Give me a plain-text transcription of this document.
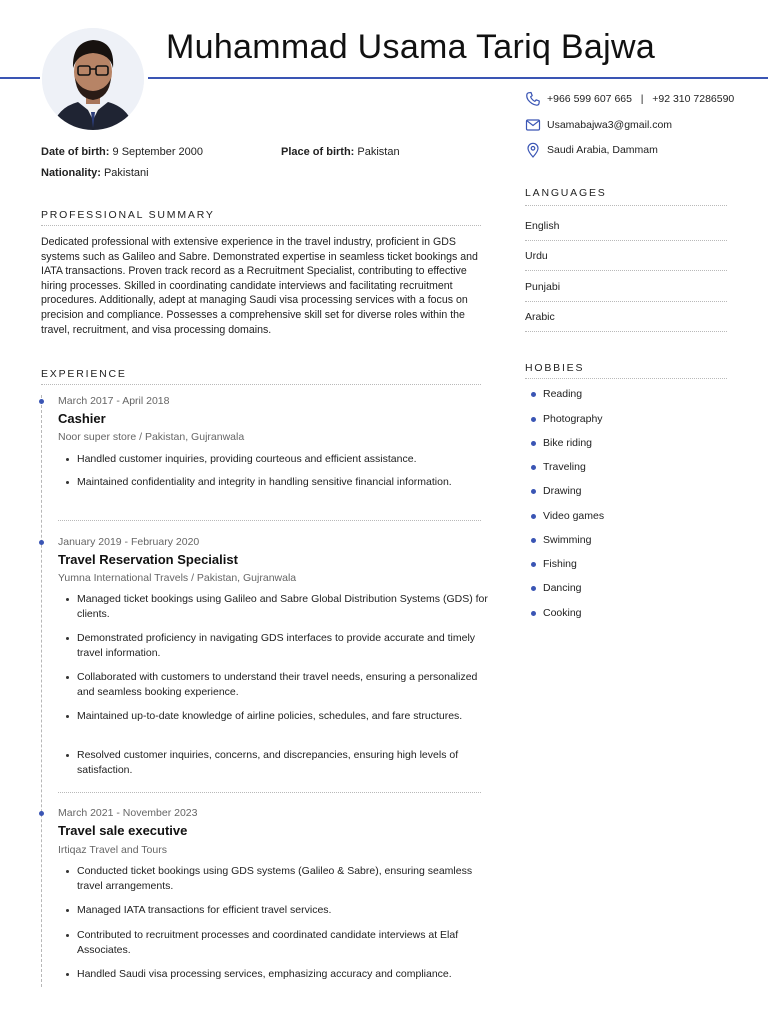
Muhammad Usama Tariq Bajwa
Date of birth: 9 September 2000	Place of birth: Pakistan
Nationality: Pakistani
PROFESSIONAL SUMMARY
Dedicated professional with extensive experience in the travel industry, proficient in GDS systems such as Galileo and Sabre. Demonstrated expertise in seamless ticket bookings and IATA transactions. Proven track record as a Recruitment Specialist, contributing to effective hiring processes. Skilled in coordinating candidate interviews and facilitating recruitment procedures. Additionally, adept at managing Saudi visa processing services with a focus on precision and compliance. Possesses a comprehensive skill set for diverse roles within the travel, recruitment, and visa processing domains.
EXPERIENCE
March 2017 - April 2018
Cashier
Noor super store / Pakistan, Gujranwala
Handled customer inquiries, providing courteous and efficient assistance.
Maintained confidentiality and integrity in handling sensitive financial information.
January 2019 - February 2020
Travel Reservation Specialist
Yumna International Travels / Pakistan, Gujranwala
Managed ticket bookings using Galileo and Sabre Global Distribution Systems (GDS) for clients.
Demonstrated proficiency in navigating GDS interfaces to provide accurate and timely travel information.
Collaborated with customers to understand their travel needs, ensuring a personalized and seamless booking experience.
Maintained up-to-date knowledge of airline policies, schedules, and fare structures.
Resolved customer inquiries, concerns, and discrepancies, ensuring high levels of satisfaction.
March 2021 - November 2023
Travel sale executive
Irtiqaz Travel and Tours
Conducted ticket bookings using GDS systems (Galileo & Sabre), ensuring seamless travel arrangements.
Managed IATA transactions for efficient travel services.
Contributed to recruitment processes and coordinated candidate interviews at Elaf Associates.
Handled Saudi visa processing services, emphasizing accuracy and compliance.
+966 599 607 665 | +92 310 7286590
Usamabajwa3@gmail.com
Saudi Arabia, Dammam
LANGUAGES
English
Urdu
Punjabi
Arabic
HOBBIES
Reading
Photography
Bike riding
Traveling
Drawing
Video games
Swimming
Fishing
Dancing
Cooking
